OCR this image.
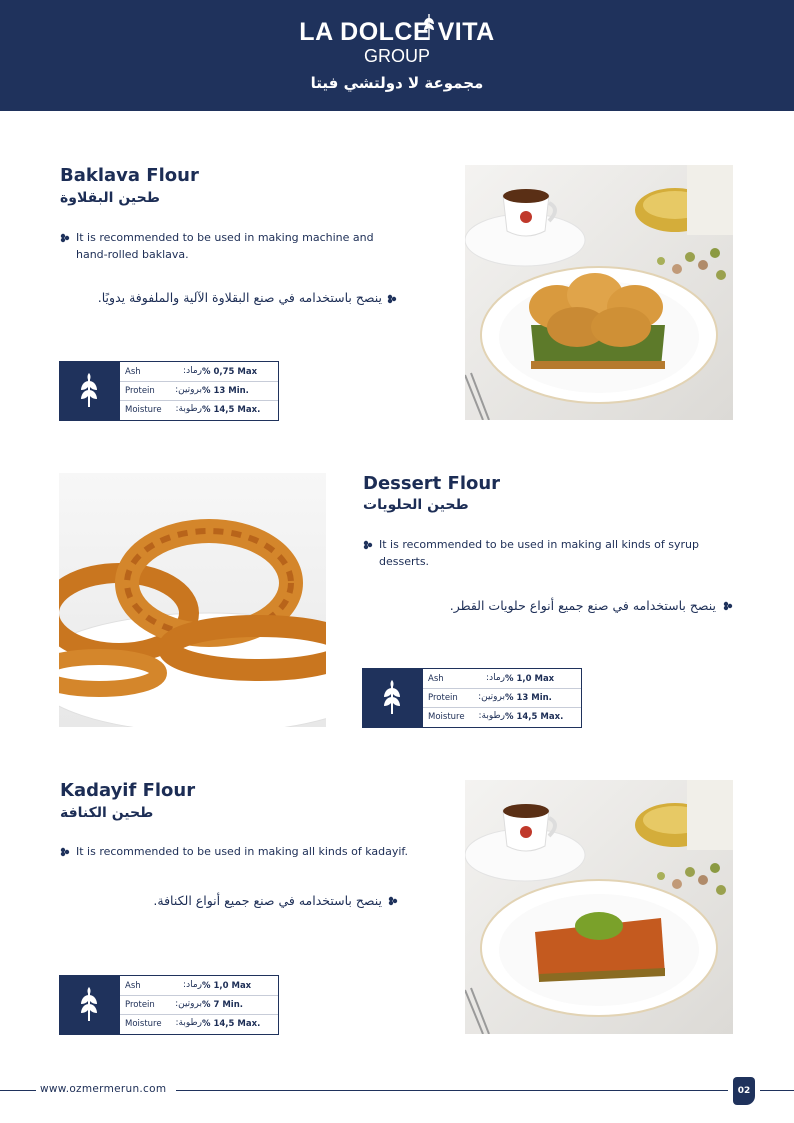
LA DOLCE VITA
GROUP
مجموعة لا دولتشي فيتا
Baklava Flour
طحين البقلاوة
It is recommended to be used in making machine and hand-rolled baklava.
ينصح باستخدامه في صنع البقلاوة الآلية والملفوفة يدويًا.
Ash	رماد: % 0,75 Max
Protein	بروتين: % 13 Min.
Moisture	رطوبة: % 14,5 Max.
Dessert Flour
طحين الحلويات
It is recommended to be used in making all kinds of syrup desserts.
ينصح باستخدامه في صنع جميع أنواع حلويات القطر.
Ash	رماد: % 1,0 Max
Protein	بروتين: % 13 Min.
Moisture	رطوبة: % 14,5 Max.
Kadayif Flour
طحين الكنافة
It is recommended to be used in making all kinds of kadayif.
ينصح باستخدامه في صنع جميع أنواع الكنافة.
Ash	رماد: % 1,0 Max
Protein	بروتين: % 7 Min.
Moisture	رطوبة: % 14,5 Max.
www.ozmermerun.com	02
